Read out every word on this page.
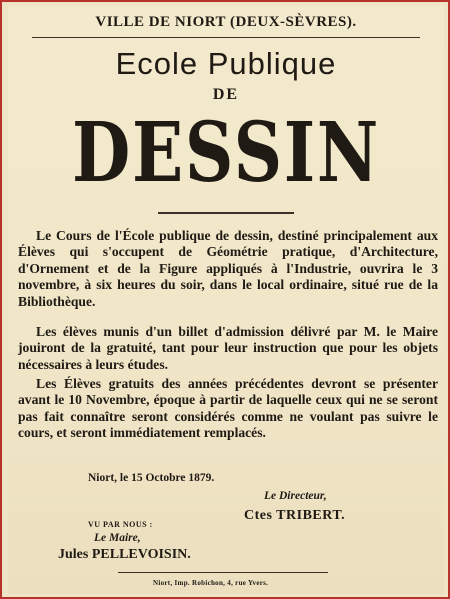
VILLE DE NIORT (DEUX-SÈVRES).
Ecole Publique
DE
DESSIN
Le Cours de l'École publique de dessin, destiné principalement aux Élèves qui s'occupent de Géométrie pratique, d'Architecture, d'Ornement et de la Figure appliqués à l'Industrie, ouvrira le 3 novembre, à six heures du soir, dans le local ordinaire, situé rue de la Bibliothèque.
Les élèves munis d'un billet d'admission délivré par M. le Maire jouiront de la gratuité, tant pour leur instruction que pour les objets nécessaires à leurs études.
Les Élèves gratuits des années précédentes devront se présenter avant le 10 Novembre, époque à partir de laquelle ceux qui ne se seront pas fait connaître seront considérés comme ne voulant pas suivre le cours, et seront immédiatement remplacés.
Niort, le 15 Octobre 1879.
Le Directeur,
Ctes TRIBERT.
VU PAR NOUS :
Le Maire,
Jules PELLEVOISIN.
Niort, Imp. Robichon, 4, rue Yvers.
